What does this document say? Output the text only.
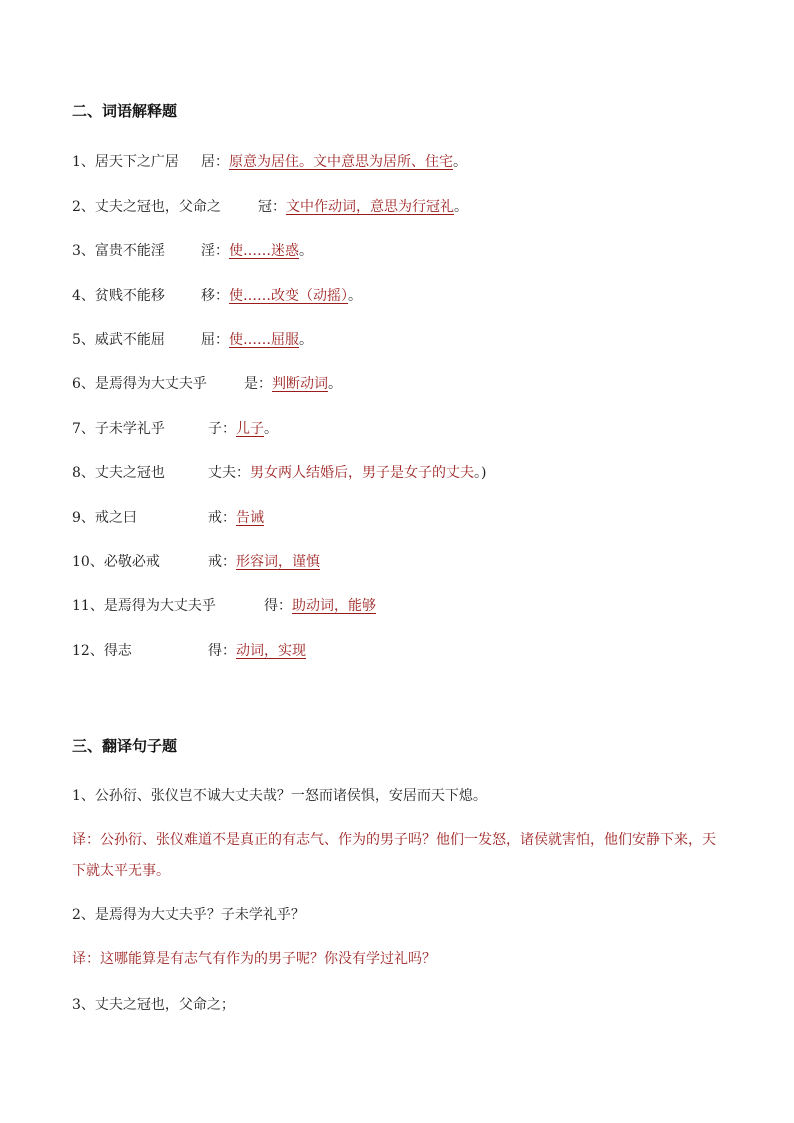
二、词语解释题
1、居天下之广居 居：原意为居住。文中意思为居所、住宅。
2、丈夫之冠也，父命之	冠：文中作动词，意思为行冠礼。
3、富贵不能淫	淫：使……迷惑。
4、贫贱不能移	移：使……改变（动摇）。
5、威武不能屈	屈：使……屈服。
6、是焉得为大丈夫乎	是：判断动词。
7、子未学礼乎	子：儿子。
8、丈夫之冠也	丈夫：男女两人结婚后，男子是女子的丈夫。)
9、戒之曰	戒：告诫
10、必敬必戒	戒：形容词，谨慎
11、是焉得为大丈夫乎	得：助动词，能够
12、得志	得：动词，实现
三、翻译句子题
1、公孙衍、张仪岂不诚大丈夫哉？一怒而诸侯惧，安居而天下熄。
译：公孙衍、张仪难道不是真正的有志气、作为的男子吗？他们一发怒，诸侯就害怕，他们安静下来，天下就太平无事。
2、是焉得为大丈夫乎？子未学礼乎？
译：这哪能算是有志气有作为的男子呢？你没有学过礼吗？
3、丈夫之冠也，父命之；
